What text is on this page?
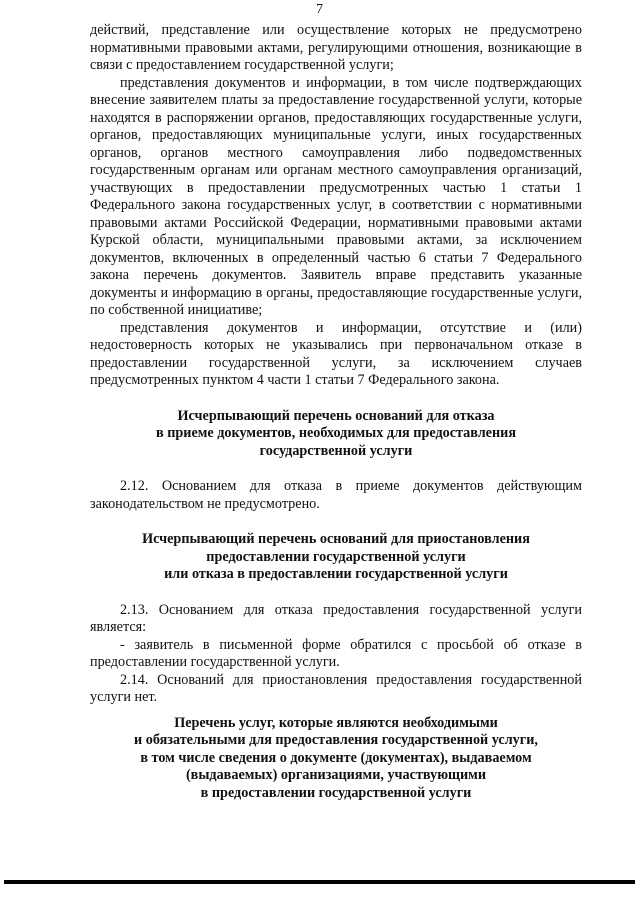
7

действий, представление или осуществление которых не предусмотрено нормативными правовыми актами, регулирующими отношения, возникающие в связи с предоставлением государственной услуги;

представления документов и информации, в том числе подтверждающих внесение заявителем платы за предоставление государственной услуги, которые находятся в распоряжении органов, предоставляющих государственные услуги, органов, предоставляющих муниципальные услуги, иных государственных органов, органов местного самоуправления либо подведомственных государственным органам или органам местного самоуправления организаций, участвующих в предоставлении предусмотренных частью 1 статьи 1 Федерального закона государственных услуг, в соответствии с нормативными правовыми актами Российской Федерации, нормативными правовыми актами Курской области, муниципальными правовыми актами, за исключением документов, включенных в определенный частью 6 статьи 7 Федерального закона перечень документов. Заявитель вправе представить указанные документы и информацию в органы, предоставляющие государственные услуги, по собственной инициативе;

представления документов и информации, отсутствие и (или) недостоверность которых не указывались при первоначальном отказе в предоставлении государственной услуги, за исключением случаев предусмотренных пунктом 4 части 1 статьи 7 Федерального закона.

Исчерпывающий перечень оснований для отказа

в приеме документов, необходимых для предоставления

государственной услуги

2.12. Основанием для отказа в приеме документов действующим законодательством не предусмотрено.

Исчерпывающий перечень оснований для приостановления

предоставлении государственной услуги

или отказа в предоставлении государственной услуги

2.13. Основанием для отказа предоставления государственной услуги является:

- заявитель в письменной форме обратился с просьбой об отказе в предоставлении государственной услуги.

2.14. Оснований для приостановления предоставления государственной услуги нет.

Перечень услуг, которые являются необходимыми

и обязательными для предоставления государственной услуги,

в том числе сведения о документе (документах), выдаваемом

(выдаваемых) организациями, участвующими

в предоставлении государственной услуги
